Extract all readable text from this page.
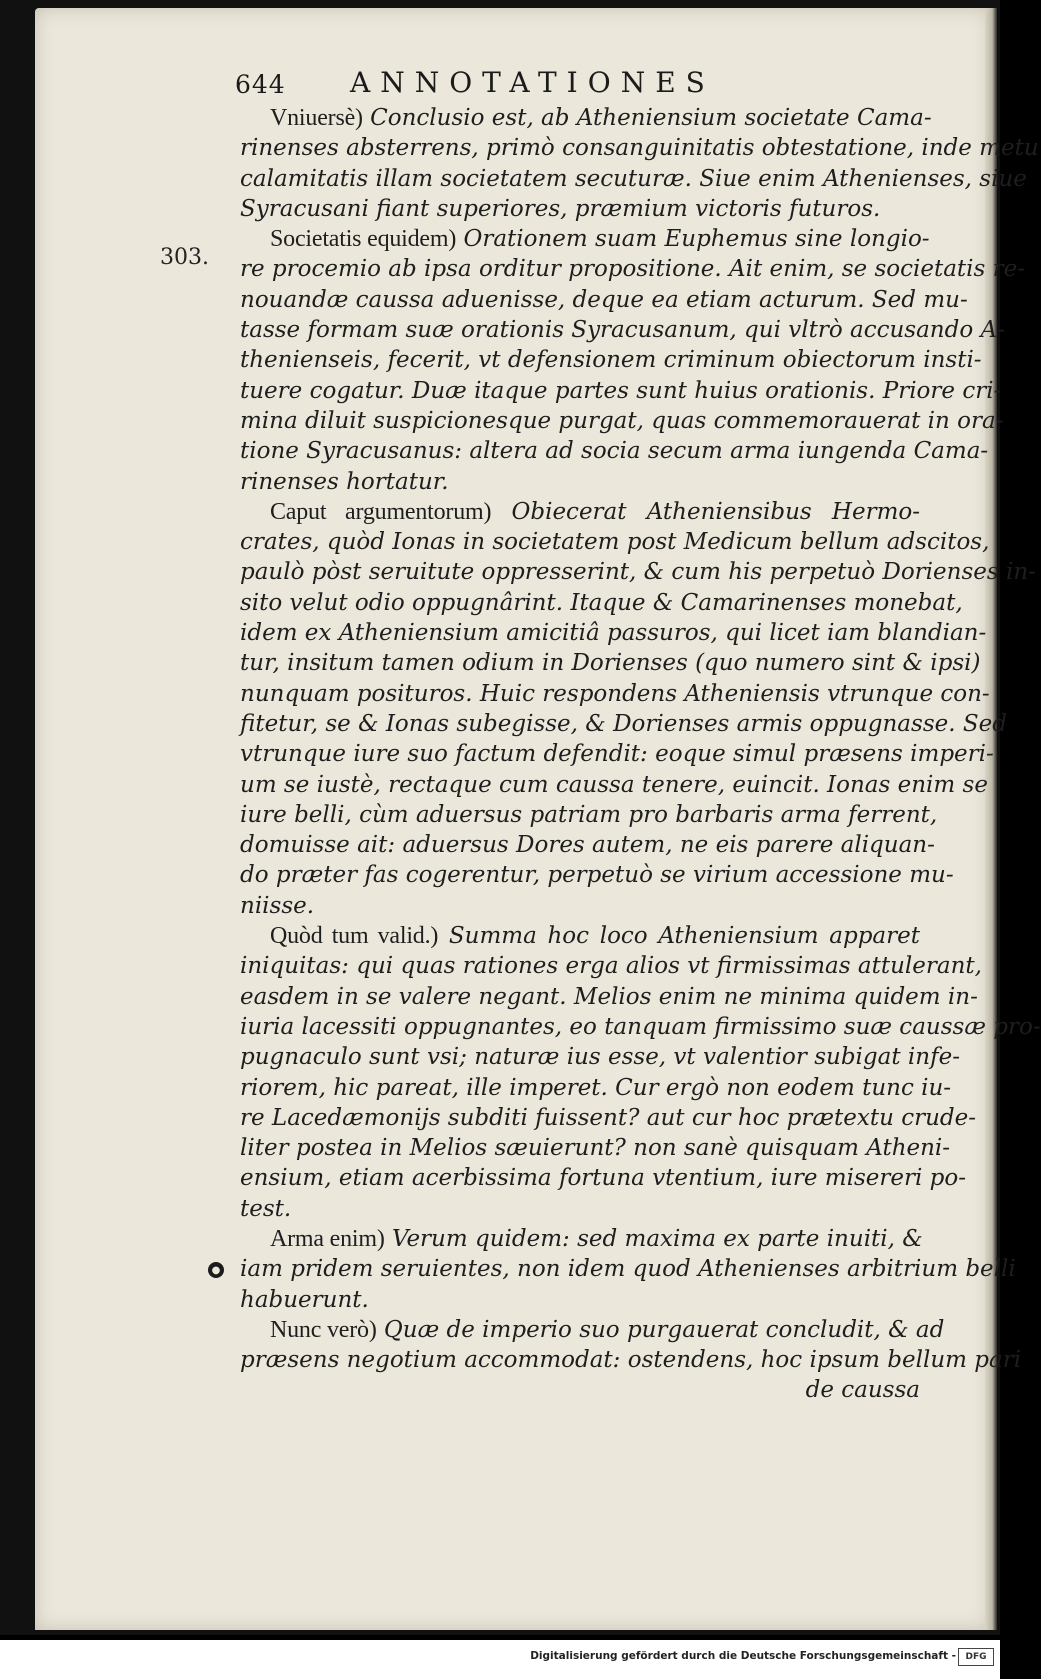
644 ANNOTATIONES
303.
●
Vniuersè) Conclusio est, ab Atheniensium societate Cama-
rinenses absterrens, primò consanguinitatis obtestatione, inde metu
calamitatis illam societatem secuturæ. Siue enim Athenienses, siue
Syracusani fiant superiores, præmium victoris futuros.
Societatis equidem) Orationem suam Euphemus sine longio-
re procemio ab ipsa orditur propositione. Ait enim, se societatis re-
nouandæ caussa aduenisse, deque ea etiam acturum. Sed mu-
tasse formam suæ orationis Syracusanum, qui vltrò accusando A-
thenienseis, fecerit, vt defensionem criminum obiectorum insti-
tuere cogatur. Duæ itaque partes sunt huius orationis. Priore cri-
mina diluit suspicionesque purgat, quas commemorauerat in ora-
tione Syracusanus: altera ad socia secum arma iungenda Cama-
rinenses hortatur.
Caput argumentorum) Obiecerat Atheniensibus Hermo-
crates, quòd Ionas in societatem post Medicum bellum adscitos,
paulò pòst seruitute oppresserint, & cum his perpetuò Dorienses in-
sito velut odio oppugnârint. Itaque & Camarinenses monebat,
idem ex Atheniensium amicitiâ passuros, qui licet iam blandian-
tur, insitum tamen odium in Dorienses (quo numero sint & ipsi)
nunquam posituros. Huic respondens Atheniensis vtrunque con-
fitetur, se & Ionas subegisse, & Dorienses armis oppugnasse. Sed
vtrunque iure suo factum defendit: eoque simul præsens imperi-
um se iustè, rectaque cum caussa tenere, euincit. Ionas enim se
iure belli, cùm aduersus patriam pro barbaris arma ferrent,
domuisse ait: aduersus Dores autem, ne eis parere aliquan-
do præter fas cogerentur, perpetuò se virium accessione mu-
niisse.
Quòd tum valid.) Summa hoc loco Atheniensium apparet
iniquitas: qui quas rationes erga alios vt firmissimas attulerant,
easdem in se valere negant. Melios enim ne minima quidem in-
iuria lacessiti oppugnantes, eo tanquam firmissimo suæ caussæ pro-
pugnaculo sunt vsi; naturæ ius esse, vt valentior subigat infe-
riorem, hic pareat, ille imperet. Cur ergò non eodem tunc iu-
re Lacedæmonijs subditi fuissent? aut cur hoc prætextu crude-
liter postea in Melios sæuierunt? non sanè quisquam Atheni-
ensium, etiam acerbissima fortuna vtentium, iure misereri po-
test.
Arma enim) Verum quidem: sed maxima ex parte inuiti, &
iam pridem seruientes, non idem quod Athenienses arbitrium belli
habuerunt.
Nunc verò) Quæ de imperio suo purgauerat concludit, & ad
præsens negotium accommodat: ostendens, hoc ipsum bellum pari
de caussa
Digitalisierung gefördert durch die Deutsche Forschungsgemeinschaft -	DFG
